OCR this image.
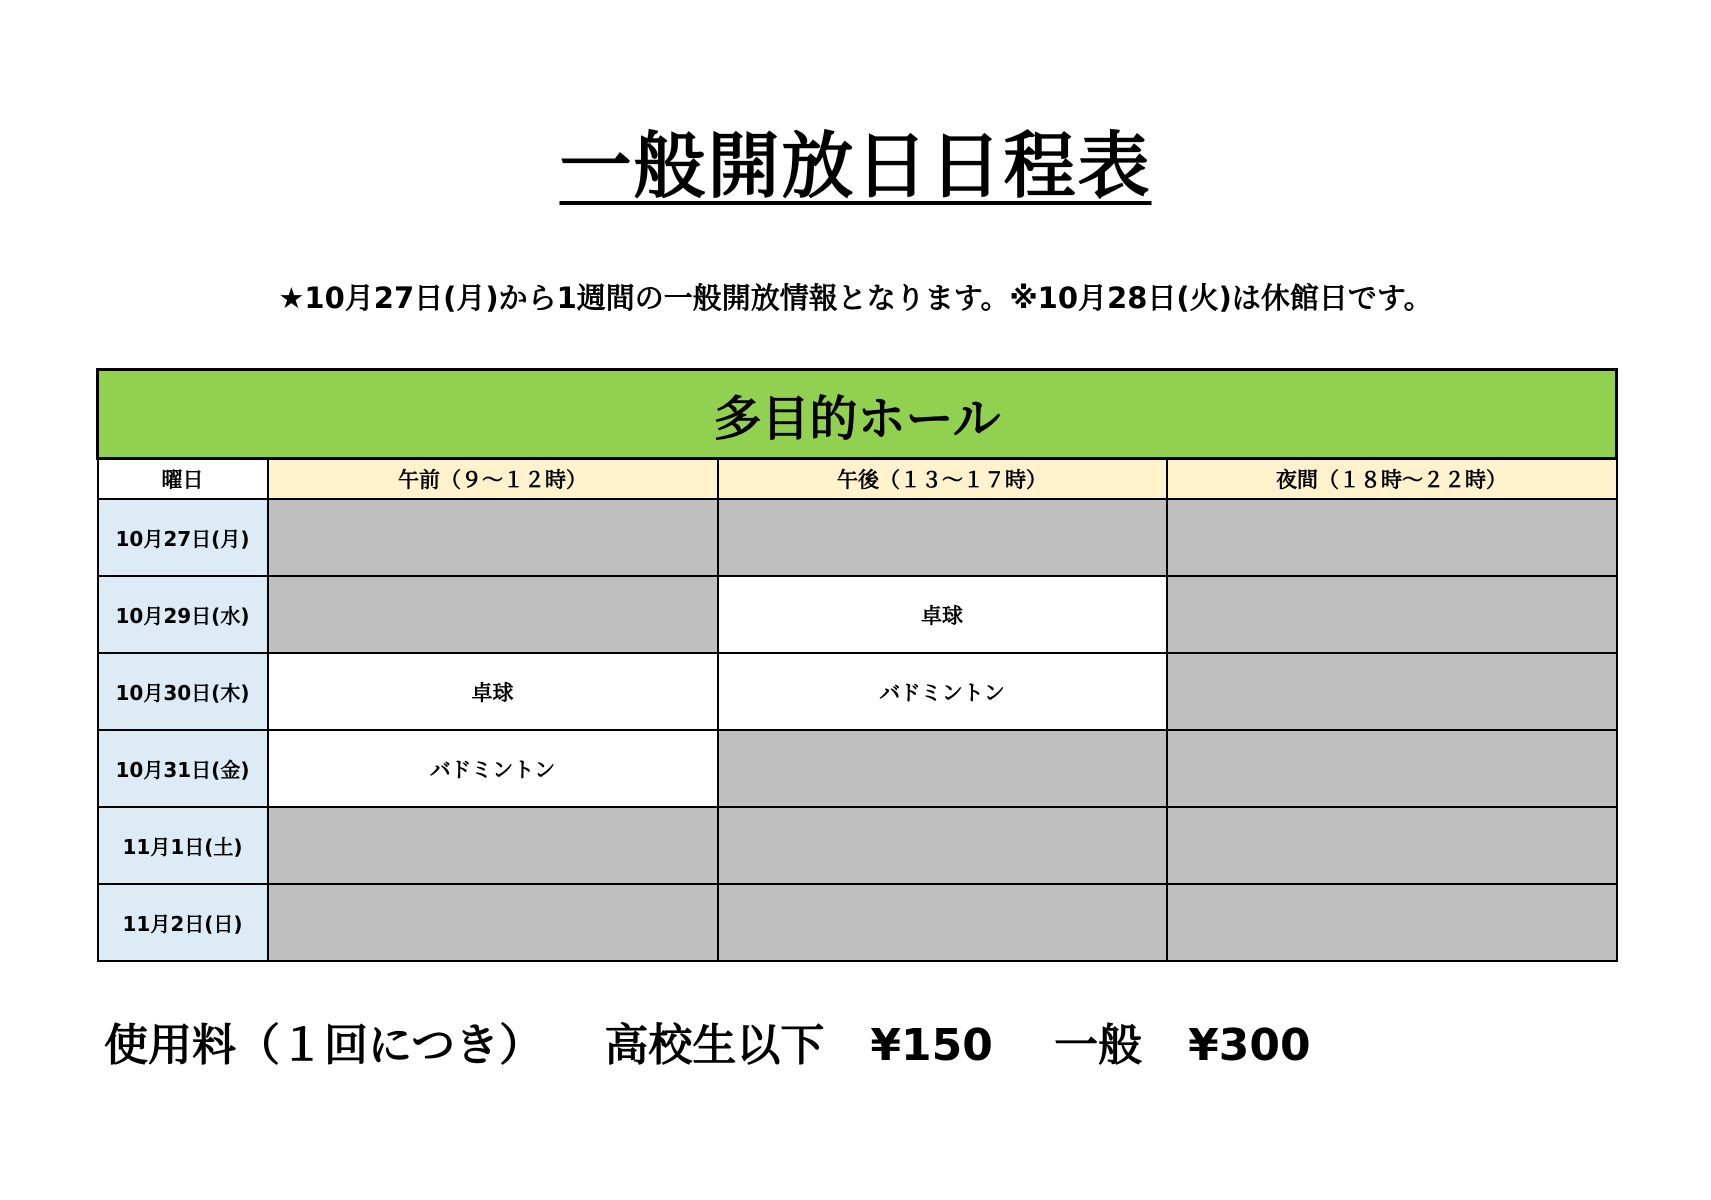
一般開放日日程表
★10月27日(月)から1週間の一般開放情報となります。※10月28日(火)は休館日です。
多目的ホール			
曜日	午前（９～１２時）	午後（１３～１７時）	夜間（１８時～２２時）
10月27日(月)			
10月29日(水)		卓球	
10月30日(木)	卓球	バドミントン	
10月31日(金)	バドミントン		
11月1日(土)			
11月2日(日)			
使用料（１回につき） 高校生以下 ¥150 一般 ¥300
